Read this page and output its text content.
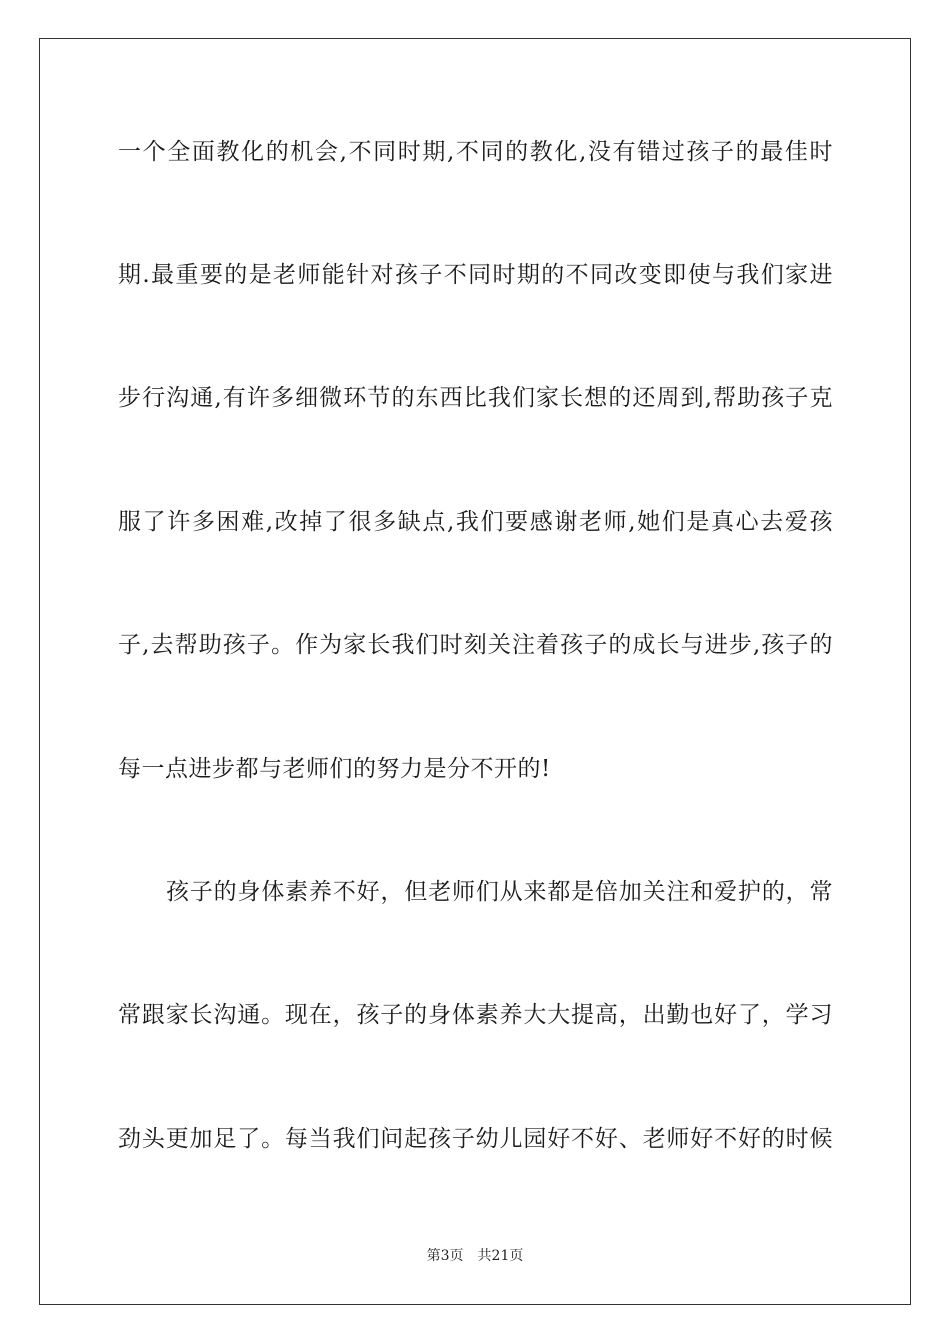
一个全面教化的机会,不同时期,不同的教化,没有错过孩子的最佳时
期.最重要的是老师能针对孩子不同时期的不同改变即使与我们家进
步行沟通,有许多细微环节的东西比我们家长想的还周到,帮助孩子克
服了许多困难,改掉了很多缺点,我们要感谢老师,她们是真心去爱孩
子,去帮助孩子。作为家长我们时刻关注着孩子的成长与进步,孩子的
每一点进步都与老师们的努力是分不开的!
孩子的身体素养不好，但老师们从来都是倍加关注和爱护的，常
常跟家长沟通。现在，孩子的身体素养大大提高，出勤也好了，学习
劲头更加足了。每当我们问起孩子幼儿园好不好、老师好不好的时候
第3页 共21页
